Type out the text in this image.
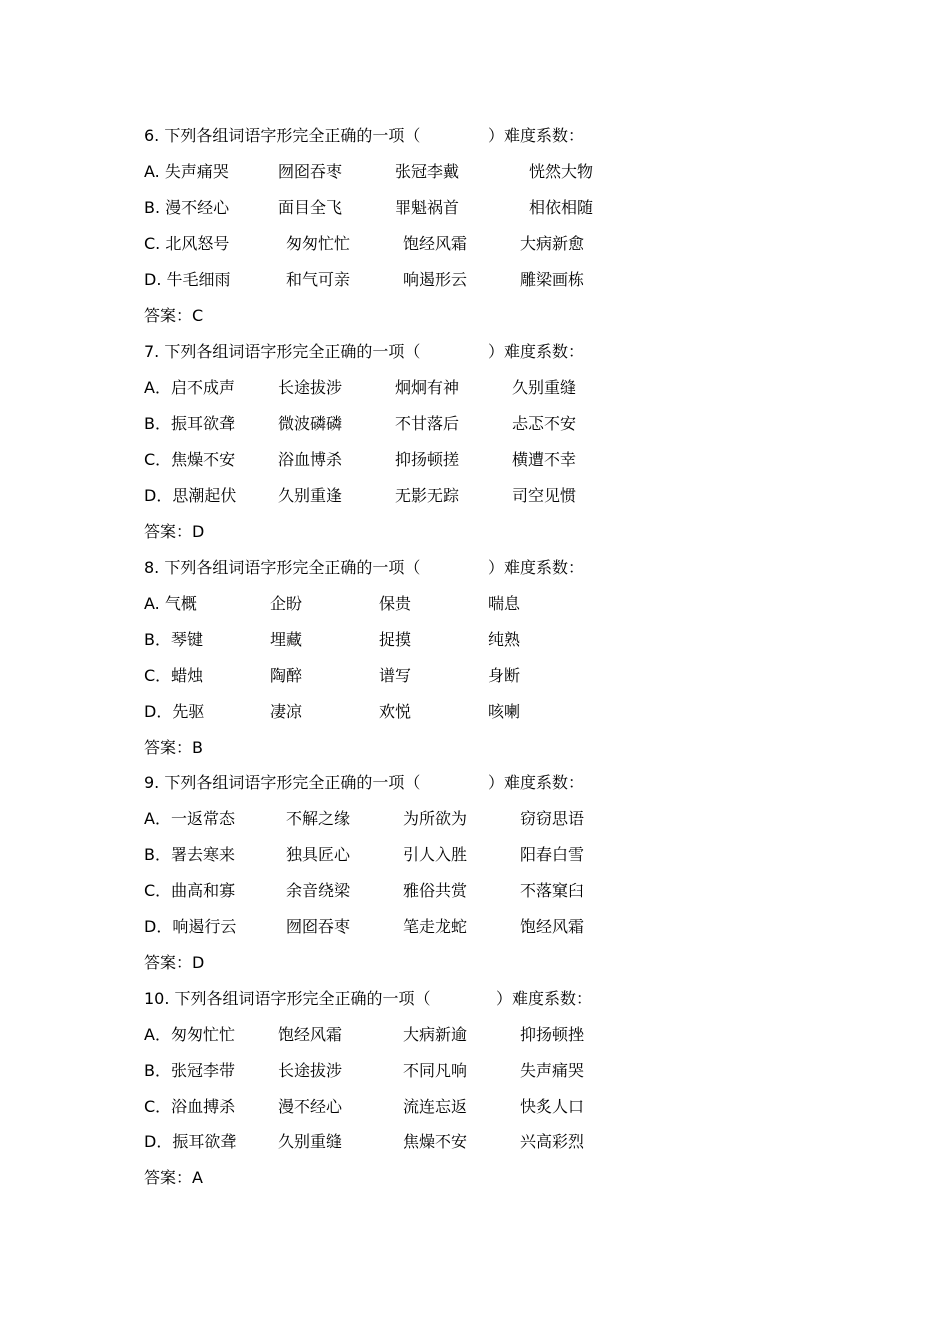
6. 下列各组词语字形完全正确的一项（	）难度系数：
A. 失声痛哭	囫囵吞枣	张冠李戴	恍然大物
B. 漫不经心	面目全飞	罪魁祸首	相依相随
C. 北风怒号	匆匆忙忙	饱经风霜	大病新愈
D. 牛毛细雨	和气可亲	响遏形云	雕梁画栋
答案：C
7. 下列各组词语字形完全正确的一项（	）难度系数：
A．启不成声	长途拔涉	炯炯有神	久别重缝
B．振耳欲聋	微波磷磷	不甘落后	忐忑不安
C．焦燥不安	浴血博杀	抑扬顿搓	横遭不幸
D．思潮起伏	久别重逢	无影无踪	司空见惯
答案：D
8. 下列各组词语字形完全正确的一项（	）难度系数：
A. 气概	企盼	保贵	喘息
B．琴键	埋藏	捉摸	纯熟
C．蜡烛	陶醉	谱写	身断
D．先驱	凄凉	欢悦	咳喇
答案：B
9. 下列各组词语字形完全正确的一项（	）难度系数：
A．一返常态	不解之缘	为所欲为	窃窃思语
B．署去寒来	独具匠心	引人入胜	阳春白雪
C．曲高和寡	余音绕梁	雅俗共赏	不落窠臼
D．响遏行云	囫囵吞枣	笔走龙蛇	饱经风霜
答案：D
10. 下列各组词语字形完全正确的一项（	）难度系数：
A．匆匆忙忙	饱经风霜	大病新逾	抑扬顿挫
B．张冠李带	长途拔涉	不同凡响	失声痛哭
C．浴血搏杀	漫不经心	流连忘返	快炙人口
D．振耳欲聋	久别重缝	焦燥不安	兴高彩烈
答案：A
